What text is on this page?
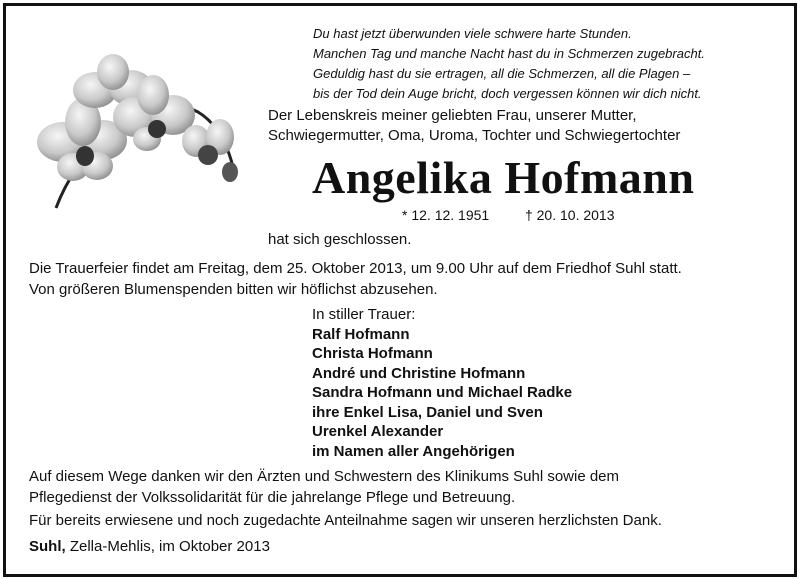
Du hast jetzt überwunden viele schwere harte Stunden.
Manchen Tag und manche Nacht hast du in Schmerzen zugebracht.
Geduldig hast du sie ertragen, all die Schmerzen, all die Plagen –
bis der Tod dein Auge bricht, doch vergessen können wir dich nicht.
Der Lebenskreis meiner geliebten Frau, unserer Mutter,
Schwiegermutter, Oma, Uroma, Tochter und Schwiegertochter
Angelika Hofmann
* 12. 12. 1951	† 20. 10. 2013
hat sich geschlossen.
Die Trauerfeier findet am Freitag, dem 25. Oktober 2013, um 9.00 Uhr auf dem Friedhof Suhl statt.
Von größeren Blumenspenden bitten wir höflichst abzusehen.
In stiller Trauer:
Ralf Hofmann
Christa Hofmann
André und Christine Hofmann
Sandra Hofmann und Michael Radke
ihre Enkel Lisa, Daniel und Sven
Urenkel Alexander
im Namen aller Angehörigen
Auf diesem Wege danken wir den Ärzten und Schwestern des Klinikums Suhl sowie dem
Pflegedienst der Volkssolidarität für die jahrelange Pflege und Betreuung.
Für bereits erwiesene und noch zugedachte Anteilnahme sagen wir unseren herzlichsten Dank.
Suhl, Zella-Mehlis, im Oktober 2013
